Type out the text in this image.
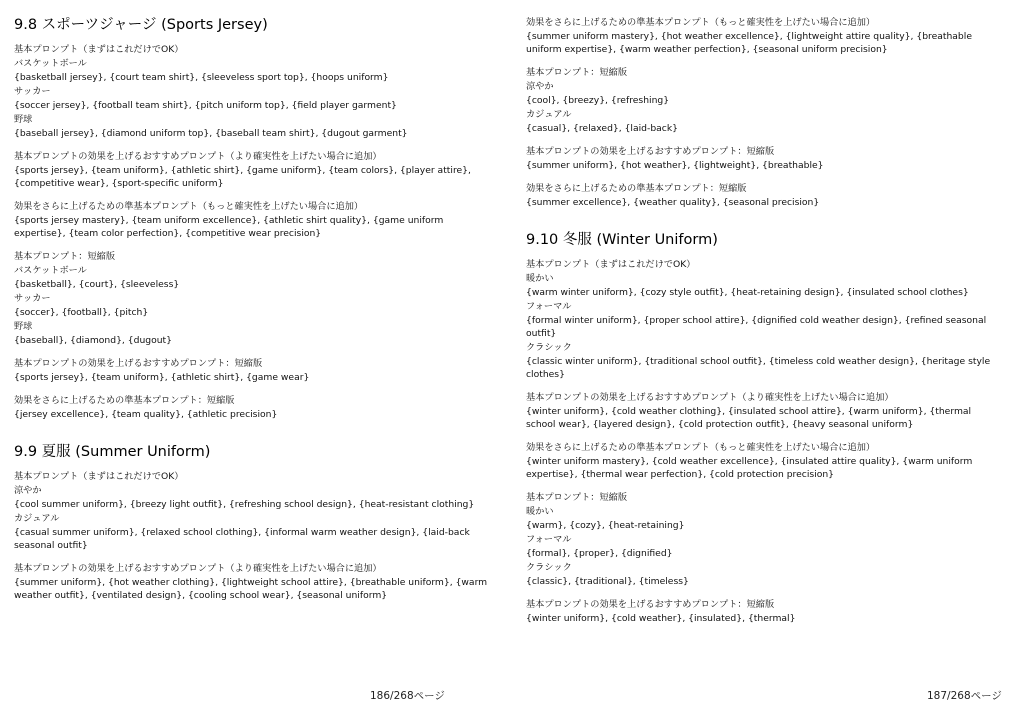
9.8 スポーツジャージ (Sports Jersey)

基本プロンプト（まずはこれだけでOK）

バスケットボール

{basketball jersey}, {court team shirt}, {sleeveless sport top}, {hoops uniform}

サッカー

{soccer jersey}, {football team shirt}, {pitch uniform top}, {field player garment}

野球

{baseball jersey}, {diamond uniform top}, {baseball team shirt}, {dugout garment}

基本プロンプトの効果を上げるおすすめプロンプト（より確実性を上げたい場合に追加）

{sports jersey}, {team uniform}, {athletic shirt}, {game uniform}, {team colors}, {player attire}, {competitive wear}, {sport-specific uniform}

効果をさらに上げるための準基本プロンプト（もっと確実性を上げたい場合に追加）

{sports jersey mastery}, {team uniform excellence}, {athletic shirt quality}, {game uniform expertise}, {team color perfection}, {competitive wear precision}

基本プロンプト：短縮版

バスケットボール

{basketball}, {court}, {sleeveless}

サッカー

{soccer}, {football}, {pitch}

野球

{baseball}, {diamond}, {dugout}

基本プロンプトの効果を上げるおすすめプロンプト：短縮版

{sports jersey}, {team uniform}, {athletic shirt}, {game wear}

効果をさらに上げるための準基本プロンプト：短縮版

{jersey excellence}, {team quality}, {athletic precision}

9.9 夏服 (Summer Uniform)

基本プロンプト（まずはこれだけでOK）

涼やか

{cool summer uniform}, {breezy light outfit}, {refreshing school design}, {heat-resistant clothing}

カジュアル

{casual summer uniform}, {relaxed school clothing}, {informal warm weather design}, {laid-back seasonal outfit}

基本プロンプトの効果を上げるおすすめプロンプト（より確実性を上げたい場合に追加）

{summer uniform}, {hot weather clothing}, {lightweight school attire}, {breathable uniform}, {warm weather outfit}, {ventilated design}, {cooling school wear}, {seasonal uniform}

186/268ページ

効果をさらに上げるための準基本プロンプト（もっと確実性を上げたい場合に追加）

{summer uniform mastery}, {hot weather excellence}, {lightweight attire quality}, {breathable uniform expertise}, {warm weather perfection}, {seasonal uniform precision}

基本プロンプト：短縮版

涼やか

{cool}, {breezy}, {refreshing}

カジュアル

{casual}, {relaxed}, {laid-back}

基本プロンプトの効果を上げるおすすめプロンプト：短縮版

{summer uniform}, {hot weather}, {lightweight}, {breathable}

効果をさらに上げるための準基本プロンプト：短縮版

{summer excellence}, {weather quality}, {seasonal precision}

9.10 冬服 (Winter Uniform)

基本プロンプト（まずはこれだけでOK）

暖かい

{warm winter uniform}, {cozy style outfit}, {heat-retaining design}, {insulated school clothes}

フォーマル

{formal winter uniform}, {proper school attire}, {dignified cold weather design}, {refined seasonal outfit}

クラシック

{classic winter uniform}, {traditional school outfit}, {timeless cold weather design}, {heritage style clothes}

基本プロンプトの効果を上げるおすすめプロンプト（より確実性を上げたい場合に追加）

{winter uniform}, {cold weather clothing}, {insulated school attire}, {warm uniform}, {thermal school wear}, {layered design}, {cold protection outfit}, {heavy seasonal uniform}

効果をさらに上げるための準基本プロンプト（もっと確実性を上げたい場合に追加）

{winter uniform mastery}, {cold weather excellence}, {insulated attire quality}, {warm uniform expertise}, {thermal wear perfection}, {cold protection precision}

基本プロンプト：短縮版

暖かい

{warm}, {cozy}, {heat-retaining}

フォーマル

{formal}, {proper}, {dignified}

クラシック

{classic}, {traditional}, {timeless}

基本プロンプトの効果を上げるおすすめプロンプト：短縮版

{winter uniform}, {cold weather}, {insulated}, {thermal}

187/268ページ
